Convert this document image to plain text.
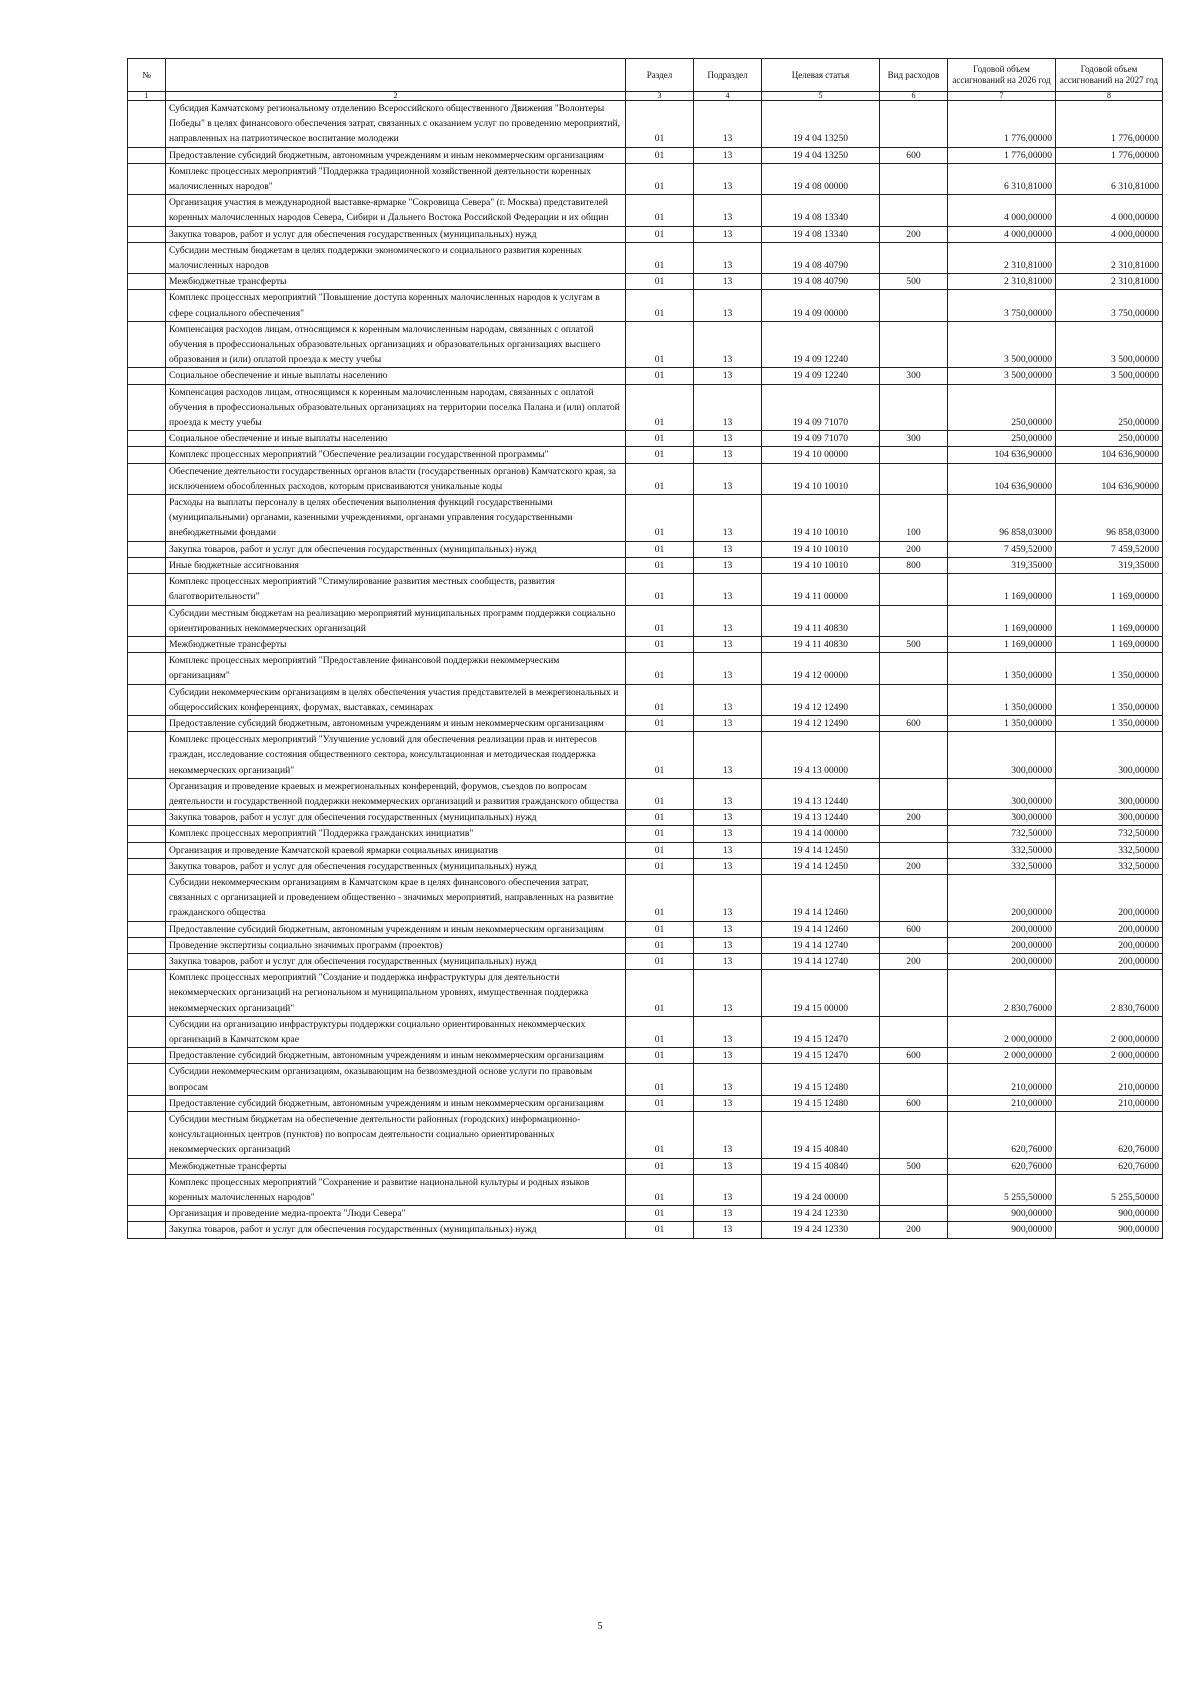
№		Раздел	Подраздел	Целевая статья	Вид расходов	Годовой объем ассигнований на 2026 год	Годовой объем ассигнований на 2027 год
1	2	3	4	5	6	7	8
	Субсидия Камчатскому региональному отделению Всероссийского общественного Движения "Волонтеры Победы" в целях финансового обеспечения затрат, связанных с оказанием услуг по проведению мероприятий, направленных на патриотическое воспитание молодежи	01	13	19 4 04 13250		1 776,00000	1 776,00000
	Предоставление субсидий бюджетным, автономным учреждениям и иным некоммерческим организациям	01	13	19 4 04 13250	600	1 776,00000	1 776,00000
	Комплекс процессных мероприятий "Поддержка традиционной хозяйственной деятельности коренных малочисленных народов"	01	13	19 4 08 00000		6 310,81000	6 310,81000
	Организация участия в международной выставке-ярмарке "Сокровища Севера" (г. Москва) представителей коренных малочисленных народов Севера, Сибири и Дальнего Востока Российской Федерации и их общин	01	13	19 4 08 13340		4 000,00000	4 000,00000
	Закупка товаров, работ и услуг для обеспечения государственных (муниципальных) нужд	01	13	19 4 08 13340	200	4 000,00000	4 000,00000
	Субсидии местным бюджетам в целях поддержки экономического и социального развития коренных малочисленных народов	01	13	19 4 08 40790		2 310,81000	2 310,81000
	Межбюджетные трансферты	01	13	19 4 08 40790	500	2 310,81000	2 310,81000
	Комплекс процессных мероприятий "Повышение доступа коренных малочисленных народов к услугам в сфере социального обеспечения"	01	13	19 4 09 00000		3 750,00000	3 750,00000
	Компенсация расходов лицам, относящимся к коренным малочисленным народам, связанных с оплатой обучения в профессиональных образовательных организациях и образовательных организациях высшего образования и (или) оплатой проезда к месту учебы	01	13	19 4 09 12240		3 500,00000	3 500,00000
	Социальное обеспечение и иные выплаты населению	01	13	19 4 09 12240	300	3 500,00000	3 500,00000
	Компенсация расходов лицам, относящимся к коренным малочисленным народам, связанных с оплатой обучения в профессиональных образовательных организациях на территории поселка Палана и (или) оплатой проезда к месту учебы	01	13	19 4 09 71070		250,00000	250,00000
	Социальное обеспечение и иные выплаты населению	01	13	19 4 09 71070	300	250,00000	250,00000
	Комплекс процессных мероприятий "Обеспечение реализации государственной программы"	01	13	19 4 10 00000		104 636,90000	104 636,90000
	Обеспечение деятельности государственных органов власти (государственных органов) Камчатского края, за исключением обособленных расходов, которым присваиваются уникальные коды	01	13	19 4 10 10010		104 636,90000	104 636,90000
	Расходы на выплаты персоналу в целях обеспечения выполнения функций государственными (муниципальными) органами, казенными учреждениями, органами управления государственными внебюджетными фондами	01	13	19 4 10 10010	100	96 858,03000	96 858,03000
	Закупка товаров, работ и услуг для обеспечения государственных (муниципальных) нужд	01	13	19 4 10 10010	200	7 459,52000	7 459,52000
	Иные бюджетные ассигнования	01	13	19 4 10 10010	800	319,35000	319,35000
	Комплекс процессных мероприятий "Стимулирование развития местных сообществ, развития благотворительности"	01	13	19 4 11 00000		1 169,00000	1 169,00000
	Субсидии местным бюджетам на реализацию мероприятий муниципальных программ поддержки социально ориентированных некоммерческих организаций	01	13	19 4 11 40830		1 169,00000	1 169,00000
	Межбюджетные трансферты	01	13	19 4 11 40830	500	1 169,00000	1 169,00000
	Комплекс процессных мероприятий "Предоставление финансовой поддержки некоммерческим организациям"	01	13	19 4 12 00000		1 350,00000	1 350,00000
	Субсидии некоммерческим организациям в целях обеспечения участия представителей в межрегиональных и общероссийских конференциях, форумах, выставках, семинарах	01	13	19 4 12 12490		1 350,00000	1 350,00000
	Предоставление субсидий бюджетным, автономным учреждениям и иным некоммерческим организациям	01	13	19 4 12 12490	600	1 350,00000	1 350,00000
	Комплекс процессных мероприятий "Улучшение условий для обеспечения реализации прав и интересов граждан, исследование состояния общественного сектора, консультационная и методическая поддержка некоммерческих организаций"	01	13	19 4 13 00000		300,00000	300,00000
	Организация и проведение краевых и межрегиональных конференций, форумов, съездов по вопросам деятельности и государственной поддержки некоммерческих организаций и развития гражданского общества	01	13	19 4 13 12440		300,00000	300,00000
	Закупка товаров, работ и услуг для обеспечения государственных (муниципальных) нужд	01	13	19 4 13 12440	200	300,00000	300,00000
	Комплекс процессных мероприятий "Поддержка гражданских инициатив"	01	13	19 4 14 00000		732,50000	732,50000
	Организация и проведение Камчатской краевой ярмарки социальных инициатив	01	13	19 4 14 12450		332,50000	332,50000
	Закупка товаров, работ и услуг для обеспечения государственных (муниципальных) нужд	01	13	19 4 14 12450	200	332,50000	332,50000
	Субсидии некоммерческим организациям в Камчатском крае в целях финансового обеспечения затрат, связанных с организацией и проведением общественно - значимых мероприятий, направленных на развитие гражданского общества	01	13	19 4 14 12460		200,00000	200,00000
	Предоставление субсидий бюджетным, автономным учреждениям и иным некоммерческим организациям	01	13	19 4 14 12460	600	200,00000	200,00000
	Проведение экспертизы социально значимых программ (проектов)	01	13	19 4 14 12740		200,00000	200,00000
	Закупка товаров, работ и услуг для обеспечения государственных (муниципальных) нужд	01	13	19 4 14 12740	200	200,00000	200,00000
	Комплекс процессных мероприятий "Создание и поддержка инфраструктуры для деятельности некоммерческих организаций на региональном и муниципальном уровнях, имущественная поддержка некоммерческих организаций"	01	13	19 4 15 00000		2 830,76000	2 830,76000
	Субсидии на организацию инфраструктуры поддержки социально ориентированных некоммерческих организаций в Камчатском крае	01	13	19 4 15 12470		2 000,00000	2 000,00000
	Предоставление субсидий бюджетным, автономным учреждениям и иным некоммерческим организациям	01	13	19 4 15 12470	600	2 000,00000	2 000,00000
	Субсидии некоммерческим организациям, оказывающим на безвозмездной основе услуги по правовым вопросам	01	13	19 4 15 12480		210,00000	210,00000
	Предоставление субсидий бюджетным, автономным учреждениям и иным некоммерческим организациям	01	13	19 4 15 12480	600	210,00000	210,00000
	Субсидии местным бюджетам на обеспечение деятельности районных (городских) информационно-консультационных центров (пунктов) по вопросам деятельности социально ориентированных некоммерческих организаций	01	13	19 4 15 40840		620,76000	620,76000
	Межбюджетные трансферты	01	13	19 4 15 40840	500	620,76000	620,76000
	Комплекс процессных мероприятий "Сохранение и развитие национальной культуры и родных языков коренных малочисленных народов"	01	13	19 4 24 00000		5 255,50000	5 255,50000
	Организация и проведение медиа-проекта "Люди Севера"	01	13	19 4 24 12330		900,00000	900,00000
	Закупка товаров, работ и услуг для обеспечения государственных (муниципальных) нужд	01	13	19 4 24 12330	200	900,00000	900,00000
5
